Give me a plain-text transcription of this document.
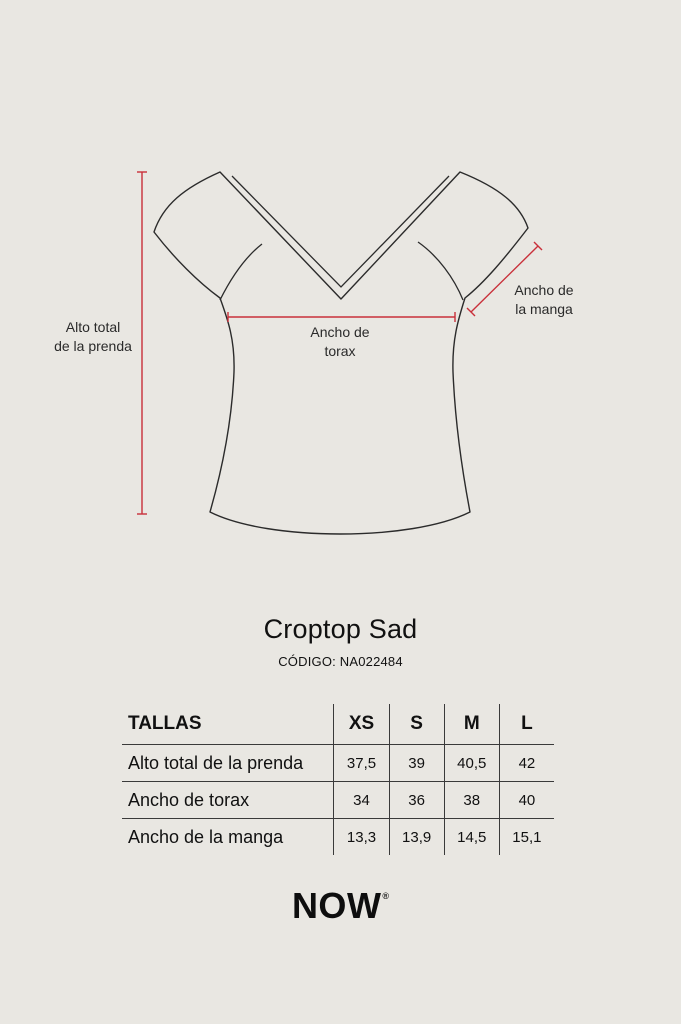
Alto total
de la prenda
Ancho de
torax
Ancho de
la manga
Croptop Sad
CÓDIGO: NA022484
TALLAS	XS	S	M	L
Alto total de la prenda	37,5	39	40,5	42
Ancho de torax	34	36	38	40
Ancho de la manga	13,3	13,9	14,5	15,1
NOW®
